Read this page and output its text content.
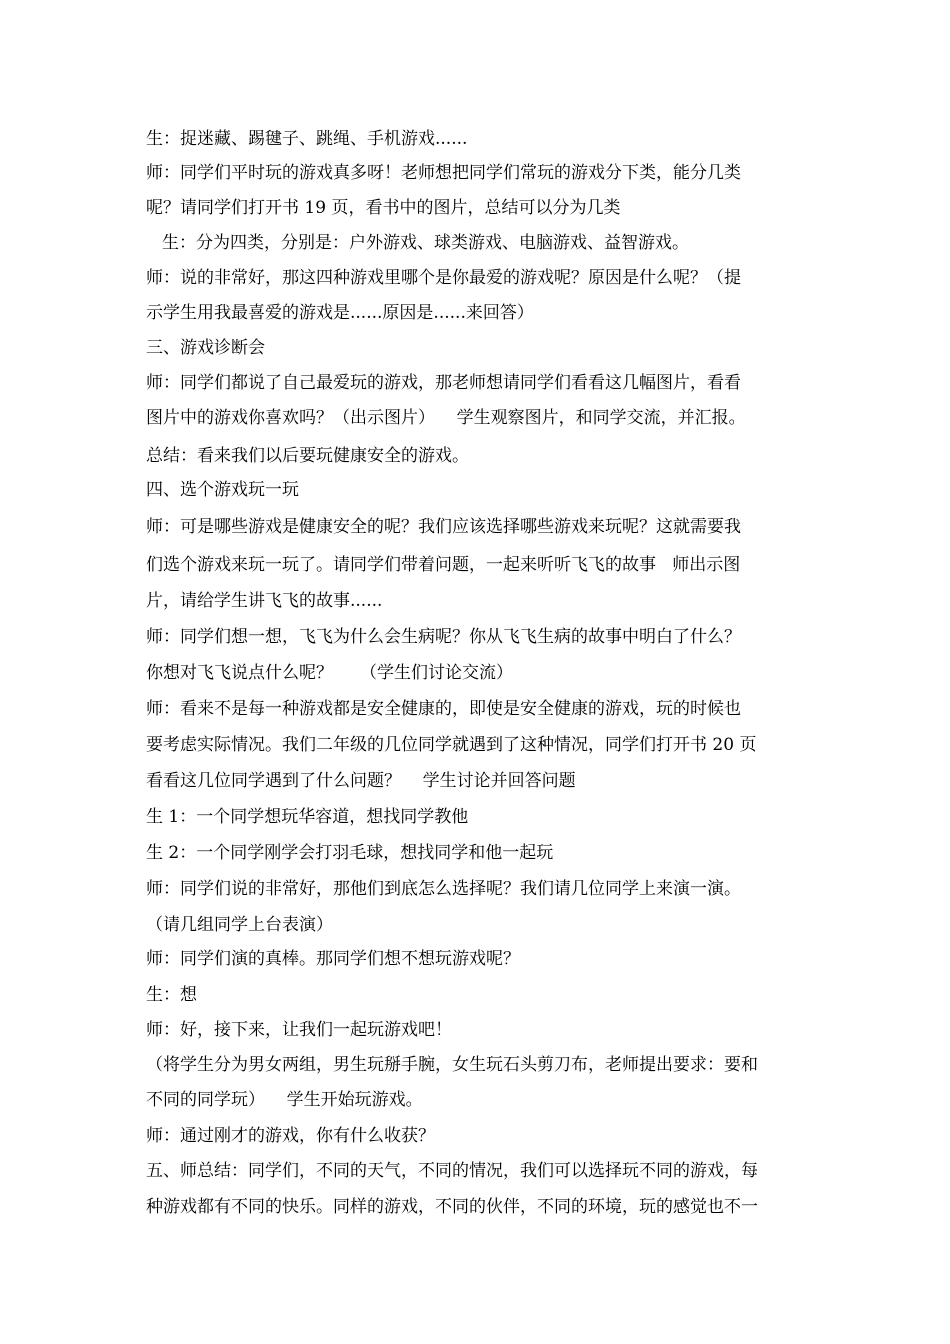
生：捉迷藏、踢毽子、跳绳、手机游戏......
师：同学们平时玩的游戏真多呀！老师想把同学们常玩的游戏分下类，能分几类
呢？请同学们打开书 19 页，看书中的图片，总结可以分为几类
生：分为四类，分别是：户外游戏、球类游戏、电脑游戏、益智游戏。
师：说的非常好，那这四种游戏里哪个是你最爱的游戏呢？原因是什么呢？（提
示学生用我最喜爱的游戏是......原因是......来回答）
三、游戏诊断会
师：同学们都说了自己最爱玩的游戏，那老师想请同学们看看这几幅图片，看看
图片中的游戏你喜欢吗？（出示图片）    学生观察图片，和同学交流，并汇报。
总结：看来我们以后要玩健康安全的游戏。
四、选个游戏玩一玩
师：可是哪些游戏是健康安全的呢？我们应该选择哪些游戏来玩呢？这就需要我
们选个游戏来玩一玩了。请同学们带着问题，一起来听听飞飞的故事   师出示图
片，请给学生讲飞飞的故事......
师：同学们想一想，飞飞为什么会生病呢？你从飞飞生病的故事中明白了什么？
你想对飞飞说点什么呢？     （学生们讨论交流）
师：看来不是每一种游戏都是安全健康的，即使是安全健康的游戏，玩的时候也
要考虑实际情况。我们二年级的几位同学就遇到了这种情况，同学们打开书 20 页
看看这几位同学遇到了什么问题？    学生讨论并回答问题
生 1：一个同学想玩华容道，想找同学教他
生 2：一个同学刚学会打羽毛球，想找同学和他一起玩
师：同学们说的非常好，那他们到底怎么选择呢？我们请几位同学上来演一演。
（请几组同学上台表演）
师：同学们演的真棒。那同学们想不想玩游戏呢？
生：想
师：好，接下来，让我们一起玩游戏吧！
（将学生分为男女两组，男生玩掰手腕，女生玩石头剪刀布，老师提出要求：要和
不同的同学玩）    学生开始玩游戏。
师：通过刚才的游戏，你有什么收获？
五、师总结：同学们，不同的天气，不同的情况，我们可以选择玩不同的游戏，每
种游戏都有不同的快乐。同样的游戏，不同的伙伴，不同的环境，玩的感觉也不一
